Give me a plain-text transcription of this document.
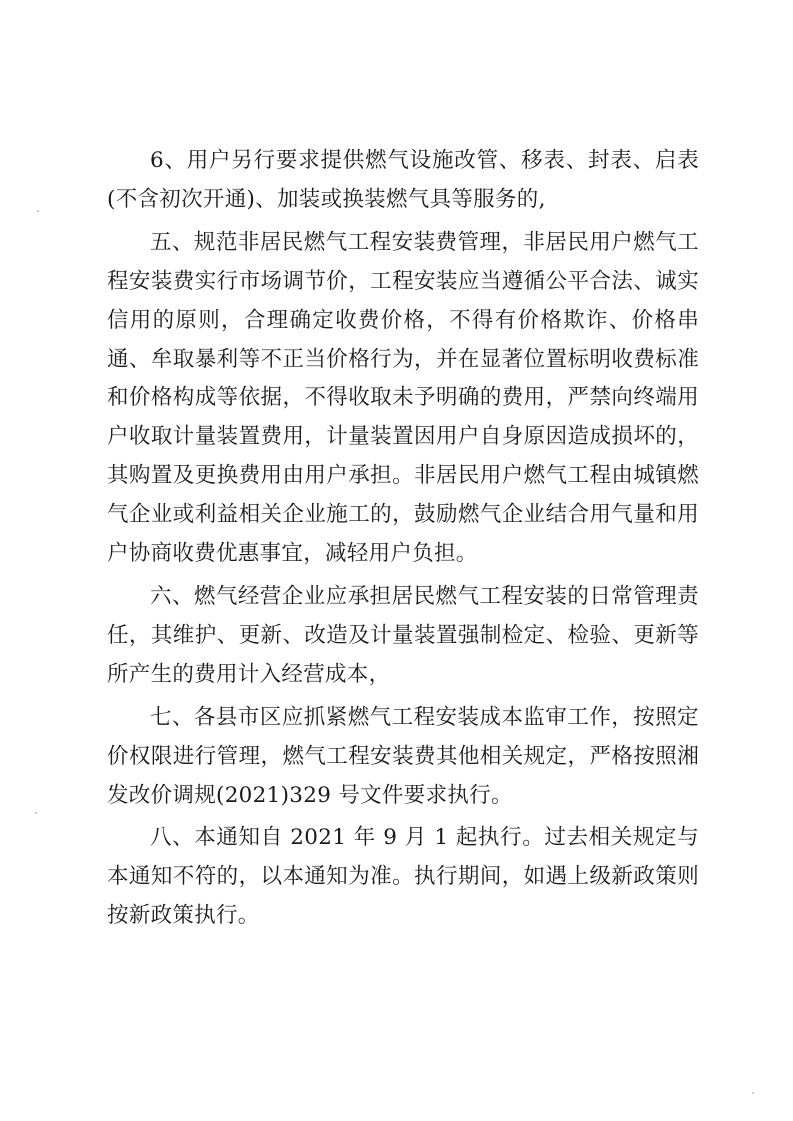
6、用户另行要求提供燃气设施改管、移表、封表、启表(不含初次开通)、加装或换装燃气具等服务的,

五、规范非居民燃气工程安装费管理，非居民用户燃气工程安装费实行市场调节价，工程安装应当遵循公平合法、诚实信用的原则，合理确定收费价格，不得有价格欺诈、价格串通、牟取暴利等不正当价格行为，并在显著位置标明收费标准和价格构成等依据，不得收取未予明确的费用，严禁向终端用户收取计量装置费用，计量装置因用户自身原因造成损坏的，其购置及更换费用由用户承担。非居民用户燃气工程由城镇燃气企业或利益相关企业施工的，鼓励燃气企业结合用气量和用户协商收费优惠事宜，减轻用户负担。

六、燃气经营企业应承担居民燃气工程安装的日常管理责任，其维护、更新、改造及计量装置强制检定、检验、更新等所产生的费用计入经营成本，

七、各县市区应抓紧燃气工程安装成本监审工作，按照定价权限进行管理，燃气工程安装费其他相关规定，严格按照湘发改价调规(2021)329 号文件要求执行。

八、本通知自 2021 年 9 月 1 起执行。过去相关规定与本通知不符的，以本通知为准。执行期间，如遇上级新政策则按新政策执行。
